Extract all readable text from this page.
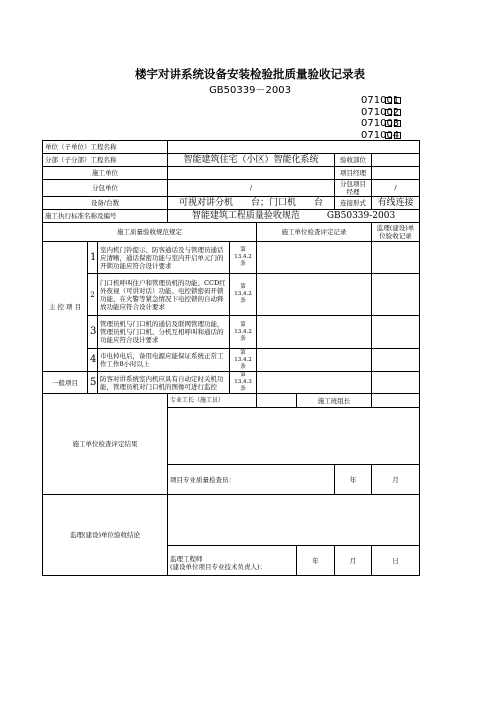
楼宇对讲系统设备安装检验批质量验收记录表
GB50339－2003
071001
071002
071003
071004
单位（子单位）工程名称									
分部（子分部）工程名称			智能建筑住宅（小区）智能化系统				验收部位		
施工单位							项目经理		
分包单位			/				分包项目经理	/	
设备/台数			可视对讲分机　　台；门口机　　台				连接形式	有线连接	
施工执行标准名称及编号			智能建筑工程质量验收规范　　　GB50339-2003						
施工质量验收规范规定					施工单位检查评定记录			监理(建设)单位验收记录	
主 控 项 目	1	室内机门铃提示、防客通话及与管理员通话应清晰，通话保密功能与室内开启单元门的开锁功能应符合设计要求		第13.4.2条					
	2	门口机呼叫住户和管理员机的功能、CCD红外夜视（可讲对话）功能、电控锁密码开锁功能、在火警等紧急情况下电控锁的自动释放功能应符合设计要求		第13.4.2条					
	3	管理员机与门口机的通信及联网管理功能，管理员机与门口机、分机互相呼叫和通话的功能应符合设计要求		第13.4.2条					
	4	市电掉电后，备用电源应能保证系统正常工作工作8小时以上		第13.4.2条					
一般项目	5	防客对讲系统室内机应具有自动定时关机功能，管理员机对门口机的图像可进行监控		第13.4.3条					
施工单位检查评定结果			专业工长（施工员）			施工班组长			

			项目专业质量检查员：				年	月	
监理(建设)单位验收结论									

			监理工程师
(建设单位项目专业技术负责人)：			年	月	日	
